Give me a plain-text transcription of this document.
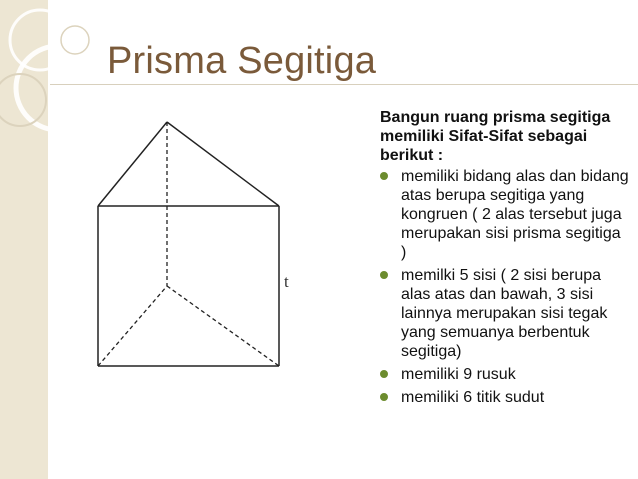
Prisma Segitiga
t

Bangun ruang prisma segitiga memiliki Sifat-Sifat sebagai berikut :

memiliki bidang alas dan bidang atas berupa segitiga yang kongruen ( 2 alas tersebut juga merupakan sisi prisma segitiga )
memilki 5 sisi ( 2 sisi berupa alas atas dan bawah, 3 sisi lainnya merupakan sisi tegak yang semuanya berbentuk segitiga)
memiliki 9 rusuk
memiliki 6 titik sudut
